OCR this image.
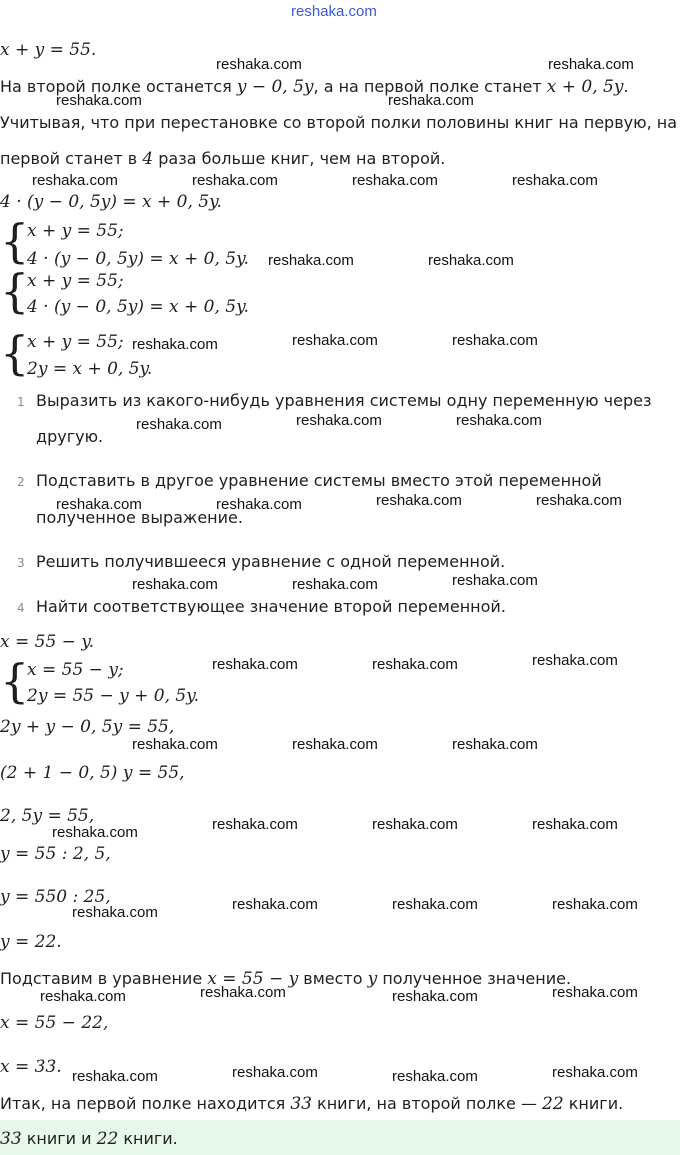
reshaka.com
x + y = 55.
На второй полке останется y − 0, 5y, а на первой полке станет x + 0, 5y.
Учитывая, что при перестановке со второй полки половины книг на первую, на
первой станет в 4 раза больше книг, чем на второй.
4 · (y − 0, 5y) = x + 0, 5y.
{
x + y = 55;
4 · (y − 0, 5y) = x + 0, 5y.
{
x + y = 55;
4 · (y − 0, 5y) = x + 0, 5y.
{
x + y = 55;
2y = x + 0, 5y.
1 Выразить из какого-нибудь уравнения системы одну переменную через
другую.
2 Подставить в другое уравнение системы вместо этой переменной
полученное выражение.
3 Решить получившееся уравнение с одной переменной.
4 Найти соответствующее значение второй переменной.
x = 55 − y.
{
x = 55 − y;
2y = 55 − y + 0, 5y.
2y + y − 0, 5y = 55,
(2 + 1 − 0, 5) y = 55,
2, 5y = 55,
y = 55 : 2, 5,
y = 550 : 25,
y = 22.
Подставим в уравнение x = 55 − y вместо y полученное значение.
x = 55 − 22,
x = 33.
Итак, на первой полке находится 33 книги, на второй полке — 22 книги.
33 книги и 22 книги.
reshaka.com	reshaka.com
reshaka.com	reshaka.com
reshaka.com	reshaka.com	reshaka.com	reshaka.com
reshaka.com	reshaka.com
reshaka.com	reshaka.com	reshaka.com
reshaka.com	reshaka.com	reshaka.com
reshaka.com	reshaka.com	reshaka.com	reshaka.com
reshaka.com	reshaka.com	reshaka.com
reshaka.com	reshaka.com	reshaka.com
reshaka.com	reshaka.com	reshaka.com
reshaka.com	reshaka.com	reshaka.com	reshaka.com
reshaka.com	reshaka.com	reshaka.com	reshaka.com
reshaka.com	reshaka.com	reshaka.com	reshaka.com
reshaka.com	reshaka.com	reshaka.com	reshaka.com
